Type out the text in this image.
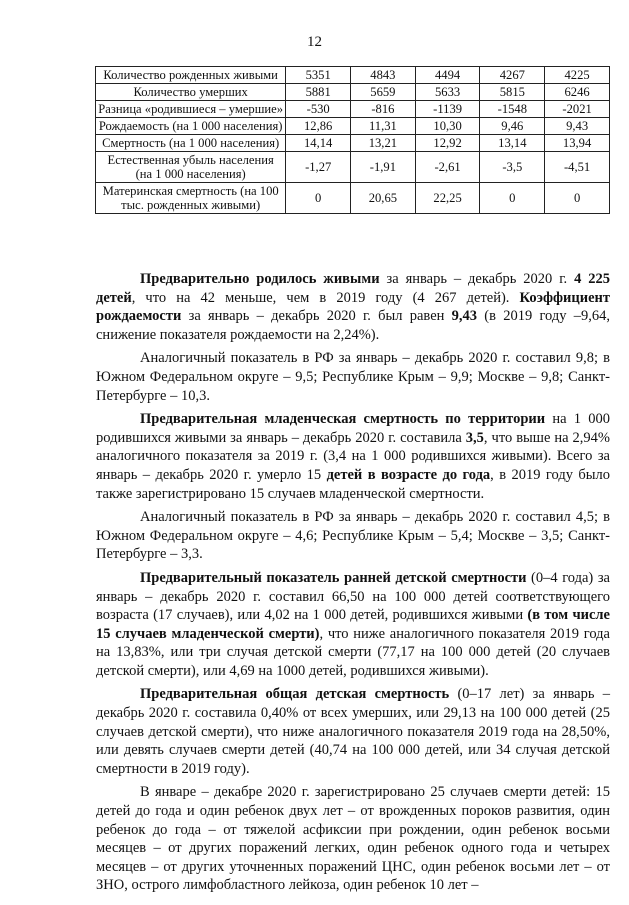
12
Количество рожденных живыми	5351	4843	4494	4267	4225
Количество умерших	5881	5659	5633	5815	6246
Разница «родившиеся – умершие»	-530	-816	-1139	-1548	-2021
Рождаемость (на 1 000 населения)	12,86	11,31	10,30	9,46	9,43
Смертность (на 1 000 населения)	14,14	13,21	12,92	13,14	13,94
Естественная убыль населения (на 1 000 населения)	-1,27	-1,91	-2,61	-3,5	-4,51
Материнская смертность (на 100 тыс. рожденных живыми)	0	20,65	22,25	0	0

Предварительно родилось живыми за январь – декабрь 2020 г. 4 225 детей, что на 42 меньше, чем в 2019 году (4 267 детей). Коэффициент рождаемости за январь – декабрь 2020 г. был равен 9,43 (в 2019 году –9,64, снижение показателя рождаемости на 2,24%).

Аналогичный показатель в РФ за январь – декабрь 2020 г. составил 9,8; в Южном Федеральном округе – 9,5; Республике Крым – 9,9; Москве – 9,8; Санкт-Петербурге – 10,3.

Предварительная младенческая смертность по территории на 1 000 родившихся живыми за январь – декабрь 2020 г. составила 3,5, что выше на 2,94% аналогичного показателя за 2019 г. (3,4 на 1 000 родившихся живыми). Всего за январь – декабрь 2020 г. умерло 15 детей в возрасте до года, в 2019 году было также зарегистрировано 15 случаев младенческой смертности.

Аналогичный показатель в РФ за январь – декабрь 2020 г. составил 4,5; в Южном Федеральном округе – 4,6; Республике Крым – 5,4; Москве – 3,5; Санкт-Петербурге – 3,3.

Предварительный показатель ранней детской смертности (0–4 года) за январь – декабрь 2020 г. составил 66,50 на 100 000 детей соответствующего возраста (17 случаев), или 4,02 на 1 000 детей, родившихся живыми (в том числе 15 случаев младенческой смерти), что ниже аналогичного показателя 2019 года на 13,83%, или три случая детской смерти (77,17 на 100 000 детей (20 случаев детской смерти), или 4,69 на 1000 детей, родившихся живыми).

Предварительная общая детская смертность (0–17 лет) за январь – декабрь 2020 г. составила 0,40% от всех умерших, или 29,13 на 100 000 детей (25 случаев детской смерти), что ниже аналогичного показателя 2019 года на 28,50%, или девять случаев смерти детей (40,74 на 100 000 детей, или 34 случая детской смертности в 2019 году).

В январе – декабре 2020 г. зарегистрировано 25 случаев смерти детей: 15 детей до года и один ребенок двух лет – от врожденных пороков развития, один ребенок до года – от тяжелой асфиксии при рождении, один ребенок восьми месяцев – от других поражений легких, один ребенок одного года и четырех месяцев – от других уточненных поражений ЦНС, один ребенок восьми лет – от ЗНО, острого лимфобластного лейкоза, один ребенок 10 лет –
